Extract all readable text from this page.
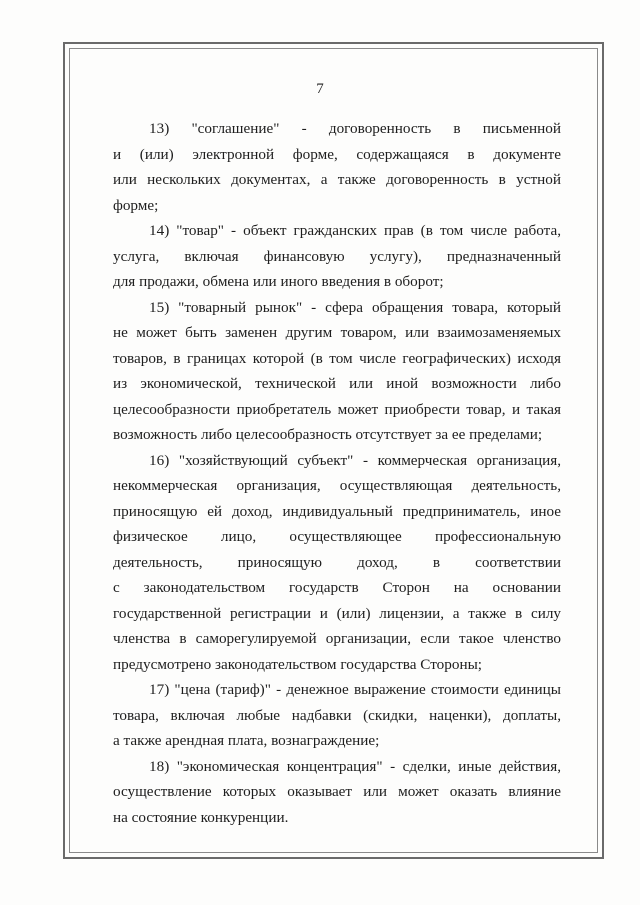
7

13) "соглашение" - договоренность в письменной
и (или) электронной форме, содержащаяся в документе
или нескольких документах, а также договоренность в устной форме;

14) "товар" - объект гражданских прав (в том числе работа,
услуга, включая финансовую услугу), предназначенный
для продажи, обмена или иного введения в оборот;

15) "товарный рынок" - сфера обращения товара, который
не может быть заменен другим товаром, или взаимозаменяемых
товаров, в границах которой (в том числе географических) исходя
из экономической, технической или иной возможности либо
целесообразности приобретатель может приобрести товар, и такая
возможность либо целесообразность отсутствует за ее пределами;

16) "хозяйствующий субъект" - коммерческая организация,
некоммерческая организация, осуществляющая деятельность,
приносящую ей доход, индивидуальный предприниматель, иное
физическое лицо, осуществляющее профессиональную
деятельность, приносящую доход, в соответствии
с законодательством государств Сторон на основании
государственной регистрации и (или) лицензии, а также в силу
членства в саморегулируемой организации, если такое членство
предусмотрено законодательством государства Стороны;

17) "цена (тариф)" - денежное выражение стоимости единицы
товара, включая любые надбавки (скидки, наценки), доплаты,
а также арендная плата, вознаграждение;

18) "экономическая концентрация" - сделки, иные действия,
осуществление которых оказывает или может оказать влияние
на состояние конкуренции.
